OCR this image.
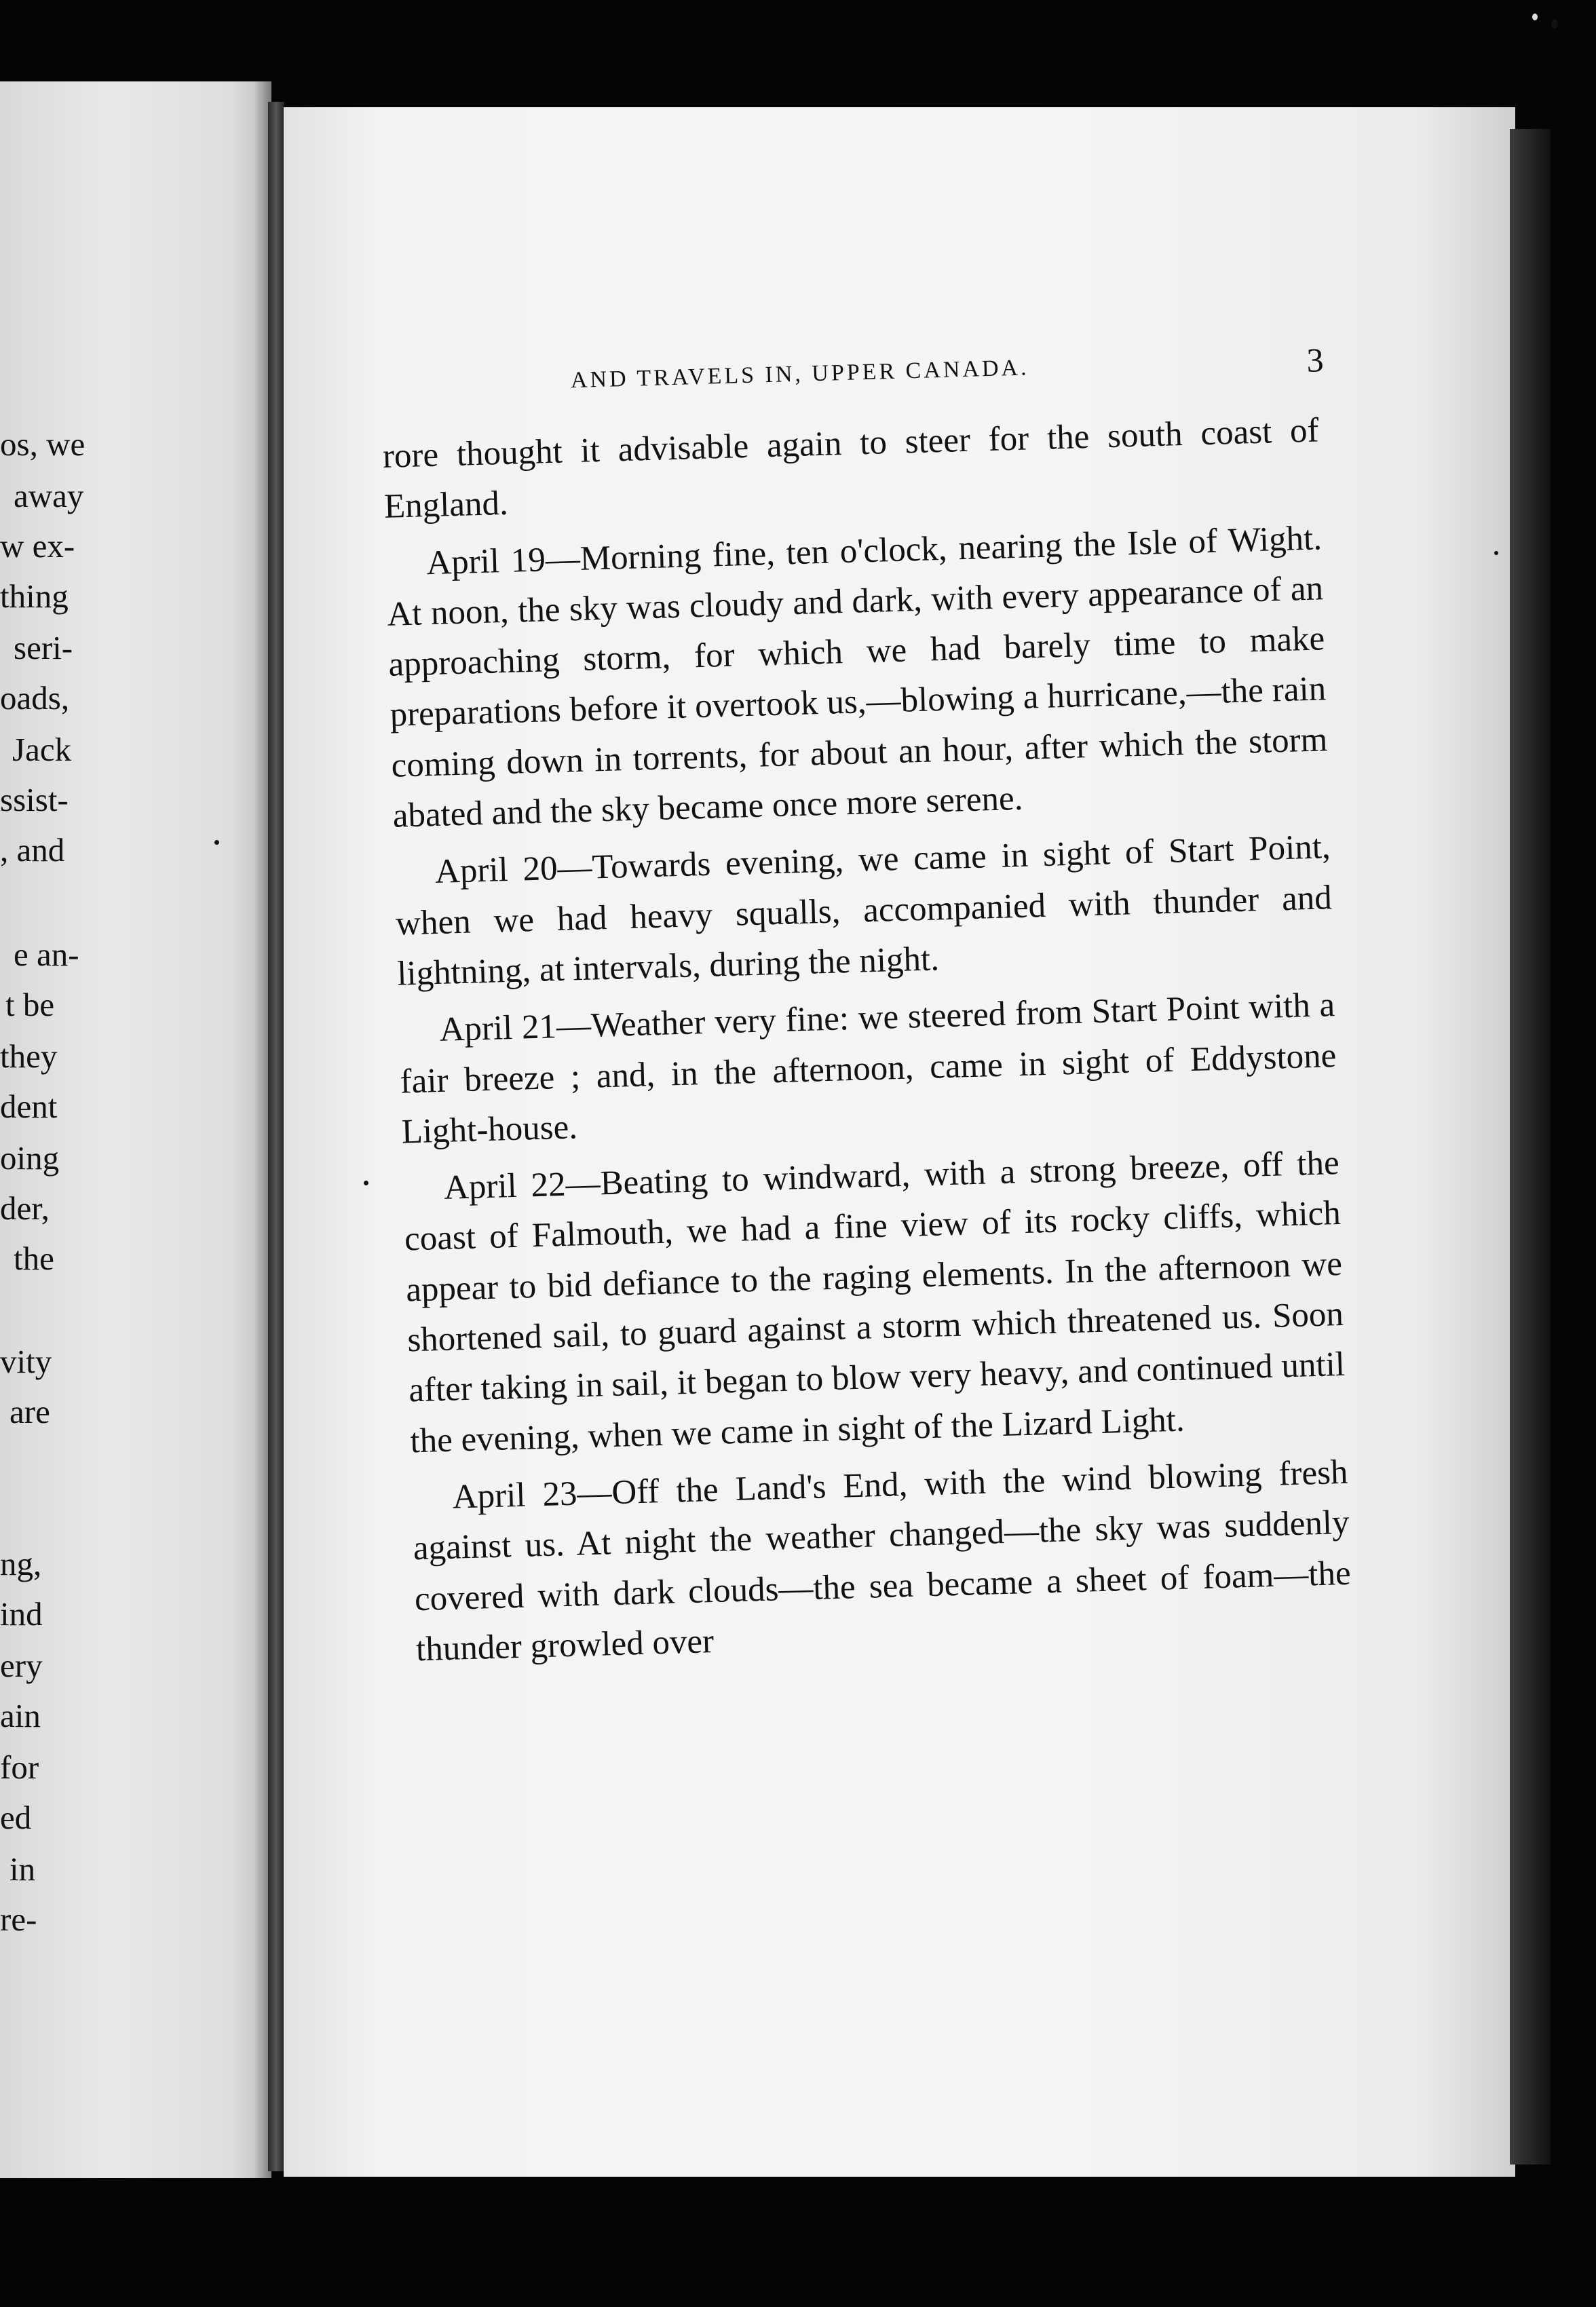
os, we
away
w ex-
thing
seri-
oads,
Jack
ssist-
, and
e an-
t be
they
dent
oing
der,
the
vity
are
ng,
ind
ery
ain
for
ed
in
re-
AND TRAVELS IN, UPPER CANADA.	3

rore thought it advisable again to steer for the south coast of England.

April 19—Morning fine, ten o'clock, nearing the Isle of Wight. At noon, the sky was cloudy and dark, with every appearance of an approaching storm, for which we had barely time to make preparations before it overtook us,—blowing a hurricane,—the rain coming down in torrents, for about an hour, after which the storm abated and the sky became once more serene.

April 20—Towards evening, we came in sight of Start Point, when we had heavy squalls, accompanied with thunder and lightning, at intervals, during the night.

April 21—Weather very fine: we steered from Start Point with a fair breeze ; and, in the afternoon, came in sight of Eddystone Light-house.

April 22—Beating to windward, with a strong breeze, off the coast of Falmouth, we had a fine view of its rocky cliffs, which appear to bid defiance to the raging elements. In the afternoon we shortened sail, to guard against a storm which threatened us. Soon after taking in sail, it began to blow very heavy, and continued until the evening, when we came in sight of the Lizard Light.

April 23—Off the Land's End, with the wind blowing fresh against us. At night the weather changed—the sky was suddenly covered with dark clouds—the sea became a sheet of foam—the thunder growled over
